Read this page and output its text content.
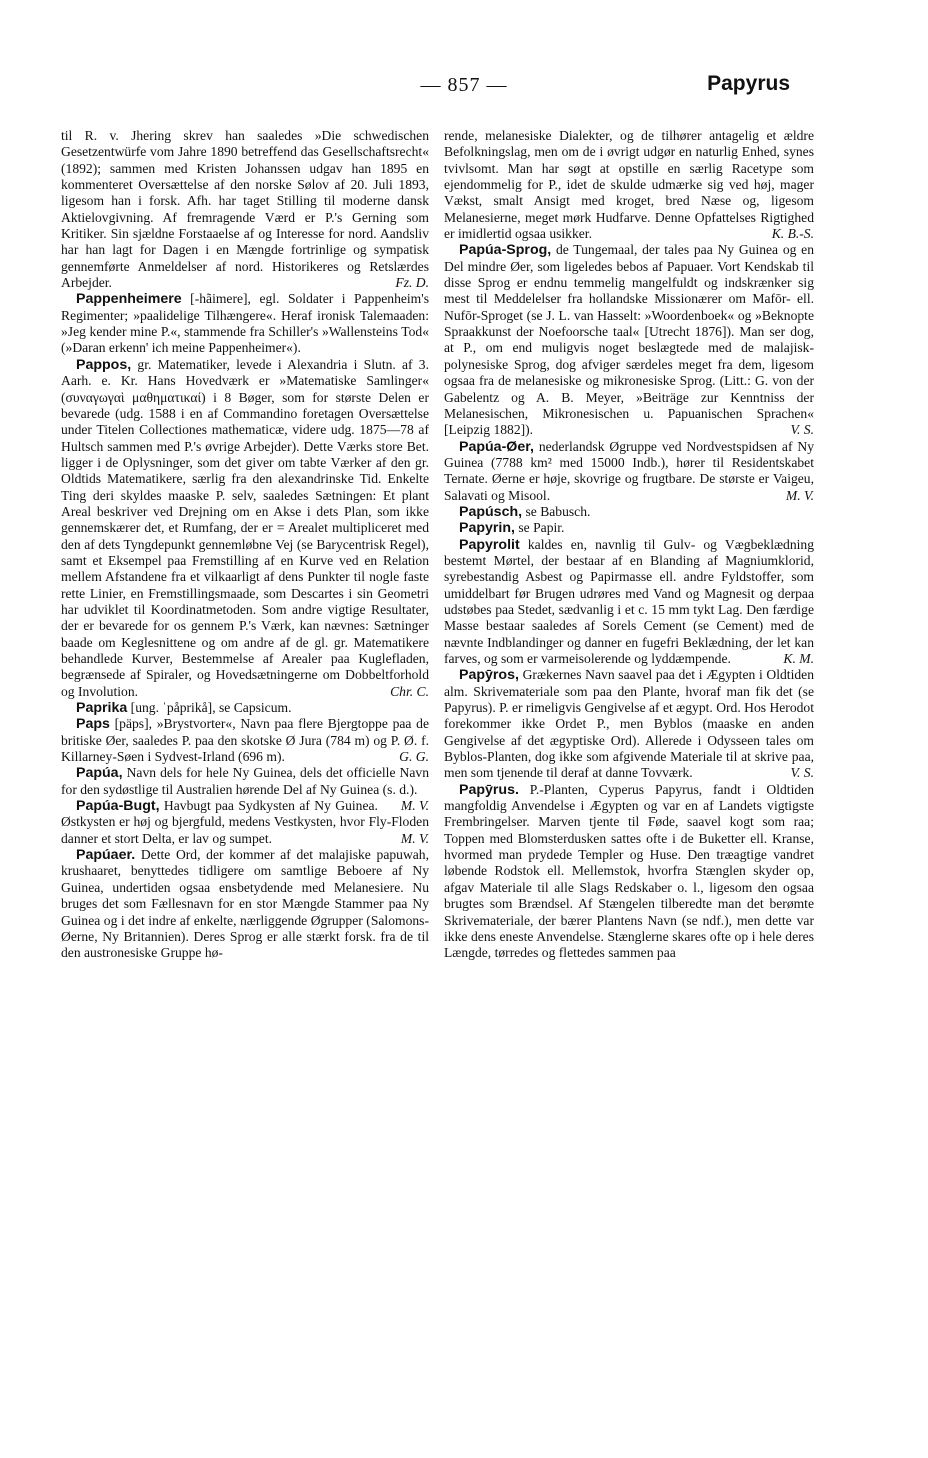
— 857 —	Papyrus

til R. v. Jhering skrev han saaledes »Die schwedischen Gesetzentwürfe vom Jahre 1890 betreffend das Gesellschaftsrecht« (1892); sammen med Kristen Johanssen udgav han 1895 en kommenteret Oversættelse af den norske Sølov af 20. Juli 1893, ligesom han i forsk. Afh. har taget Stilling til moderne dansk Aktielovgivning. Af fremragende Værd er P.'s Gerning som Kritiker. Sin sjældne Forstaaelse af og Interesse for nord. Aandsliv har han lagt for Dagen i en Mængde fortrinlige og sympatisk gennemførte Anmeldelser af nord. Historikeres og Retslærdes Arbejder.	Fz. D.

Pappenheimere [-hãimere], egl. Soldater i Pappenheim's Regimenter; »paalidelige Tilhængere«. Heraf ironisk Talemaaden: »Jeg kender mine P.«, stammende fra Schiller's »Wallensteins Tod« (»Daran erkenn' ich meine Pappenheimer«).

Pappos, gr. Matematiker, levede i Alexandria i Slutn. af 3. Aarh. e. Kr. Hans Hovedværk er »Matematiske Samlinger« (συναγωγαὶ μαθηματικαί) i 8 Bøger, som for største Delen er bevarede (udg. 1588 i en af Commandino foretagen Oversættelse under Titelen Collectiones mathematicæ, videre udg. 1875—78 af Hultsch sammen med P.'s øvrige Arbejder). Dette Værks store Bet. ligger i de Oplysninger, som det giver om tabte Værker af den gr. Oldtids Matematikere, særlig fra den alexandrinske Tid. Enkelte Ting deri skyldes maaske P. selv, saaledes Sætningen: Et plant Areal beskriver ved Drejning om en Akse i dets Plan, som ikke gennemskærer det, et Rumfang, der er = Arealet multipliceret med den af dets Tyngdepunkt gennemløbne Vej (se Barycentrisk Regel), samt et Eksempel paa Fremstilling af en Kurve ved en Relation mellem Afstandene fra et vilkaarligt af dens Punkter til nogle faste rette Linier, en Fremstillingsmaade, som Descartes i sin Geometri har udviklet til Koordinatmetoden. Som andre vigtige Resultater, der er bevarede for os gennem P.'s Værk, kan nævnes: Sætninger baade om Keglesnittene og om andre af de gl. gr. Matematikere behandlede Kurver, Bestemmelse af Arealer paa Kuglefladen, begrænsede af Spiraler, og Hovedsætningerne om Dobbeltforhold og Involution.	Chr. C.

Paprika [ung. ˈpåprikå], se Capsicum.

Paps [päps], »Brystvorter«, Navn paa flere Bjergtoppe paa de britiske Øer, saaledes P. paa den skotske Ø Jura (784 m) og P. Ø. f. Killarney-Søen i Sydvest-Irland (696 m).	G. G.

Papúa, Navn dels for hele Ny Guinea, dels det officielle Navn for den sydøstlige til Australien hørende Del af Ny Guinea (s. d.).
M. V.

Papúa-Bugt, Havbugt paa Sydkysten af Ny Guinea. Østkysten er høj og bjergfuld, medens Vestkysten, hvor Fly-Floden danner et stort Delta, er lav og sumpet.	M. V.

Papúaer. Dette Ord, der kommer af det malajiske papuwah, krushaaret, benyttedes tidligere om samtlige Beboere af Ny Guinea, undertiden ogsaa ensbetydende med Melanesiere. Nu bruges det som Fællesnavn for en stor Mængde Stammer paa Ny Guinea og i det indre af enkelte, nærliggende Øgrupper (Salomons-Øerne, Ny Britannien). Deres Sprog er alle stærkt forsk. fra de til den austronesiske Gruppe hø-

rende, melanesiske Dialekter, og de tilhører antagelig et ældre Befolkningslag, men om de i øvrigt udgør en naturlig Enhed, synes tvivlsomt. Man har søgt at opstille en særlig Racetype som ejendommelig for P., idet de skulde udmærke sig ved høj, mager Vækst, smalt Ansigt med kroget, bred Næse og, ligesom Melanesierne, meget mørk Hudfarve. Denne Opfattelses Rigtighed er imidlertid ogsaa usikker.	K. B.-S.

Papúa-Sprog, de Tungemaal, der tales paa Ny Guinea og en Del mindre Øer, som ligeledes bebos af Papuaer. Vort Kendskab til disse Sprog er endnu temmelig mangelfuldt og indskrænker sig mest til Meddelelser fra hollandske Missionærer om Mafōr- ell. Nufōr-Sproget (se J. L. van Hasselt: »Woordenboek« og »Beknopte Spraakkunst der Noefoorsche taal« [Utrecht 1876]). Man ser dog, at P., om end muligvis noget beslægtede med de malajisk-polynesiske Sprog, dog afviger særdeles meget fra dem, ligesom ogsaa fra de melanesiske og mikronesiske Sprog. (Litt.: G. von der Gabelentz og A. B. Meyer, »Beiträge zur Kenntniss der Melanesischen, Mikronesischen u. Papuanischen Sprachen« [Leipzig 1882]).	V. S.

Papúa-Øer, nederlandsk Øgruppe ved Nordvestspidsen af Ny Guinea (7788 km² med 15000 Indb.), hører til Residentskabet Ternate. Øerne er høje, skovrige og frugtbare. De største er Vaigeu, Salavati og Misool.	M. V.

Papúsch, se Babusch.

Papyrin, se Papir.

Papyrolit kaldes en, navnlig til Gulv- og Vægbeklædning bestemt Mørtel, der bestaar af en Blanding af Magniumklorid, syrebestandig Asbest og Papirmasse ell. andre Fyldstoffer, som umiddelbart før Brugen udrøres med Vand og Magnesit og derpaa udstøbes paa Stedet, sædvanlig i et c. 15 mm tykt Lag. Den færdige Masse bestaar saaledes af Sorels Cement (se Cement) med de nævnte Indblandinger og danner en fugefri Beklædning, der let kan farves, og som er varmeisolerende og lyddæmpende.	K. M.

Papȳros, Grækernes Navn saavel paa det i Ægypten i Oldtiden alm. Skrivemateriale som paa den Plante, hvoraf man fik det (se Papyrus). P. er rimeligvis Gengivelse af et ægypt. Ord. Hos Herodot forekommer ikke Ordet P., men Byblos (maaske en anden Gengivelse af det ægyptiske Ord). Allerede i Odysseen tales om Byblos-Planten, dog ikke som afgivende Materiale til at skrive paa, men som tjenende til deraf at danne Tovværk.	V. S.

Papȳrus. P.-Planten, Cyperus Papyrus, fandt i Oldtiden mangfoldig Anvendelse i Ægypten og var en af Landets vigtigste Frembringelser. Marven tjente til Føde, saavel kogt som raa; Toppen med Blomsterdusken sattes ofte i de Buketter ell. Kranse, hvormed man prydede Templer og Huse. Den træagtige vandret løbende Rodstok ell. Mellemstok, hvorfra Stænglen skyder op, afgav Materiale til alle Slags Redskaber o. l., ligesom den ogsaa brugtes som Brændsel. Af Stængelen tilberedte man det berømte Skrivemateriale, der bærer Plantens Navn (se ndf.), men dette var ikke dens eneste Anvendelse. Stænglerne skares ofte op i hele deres Længde, tørredes og flettedes sammen paa
